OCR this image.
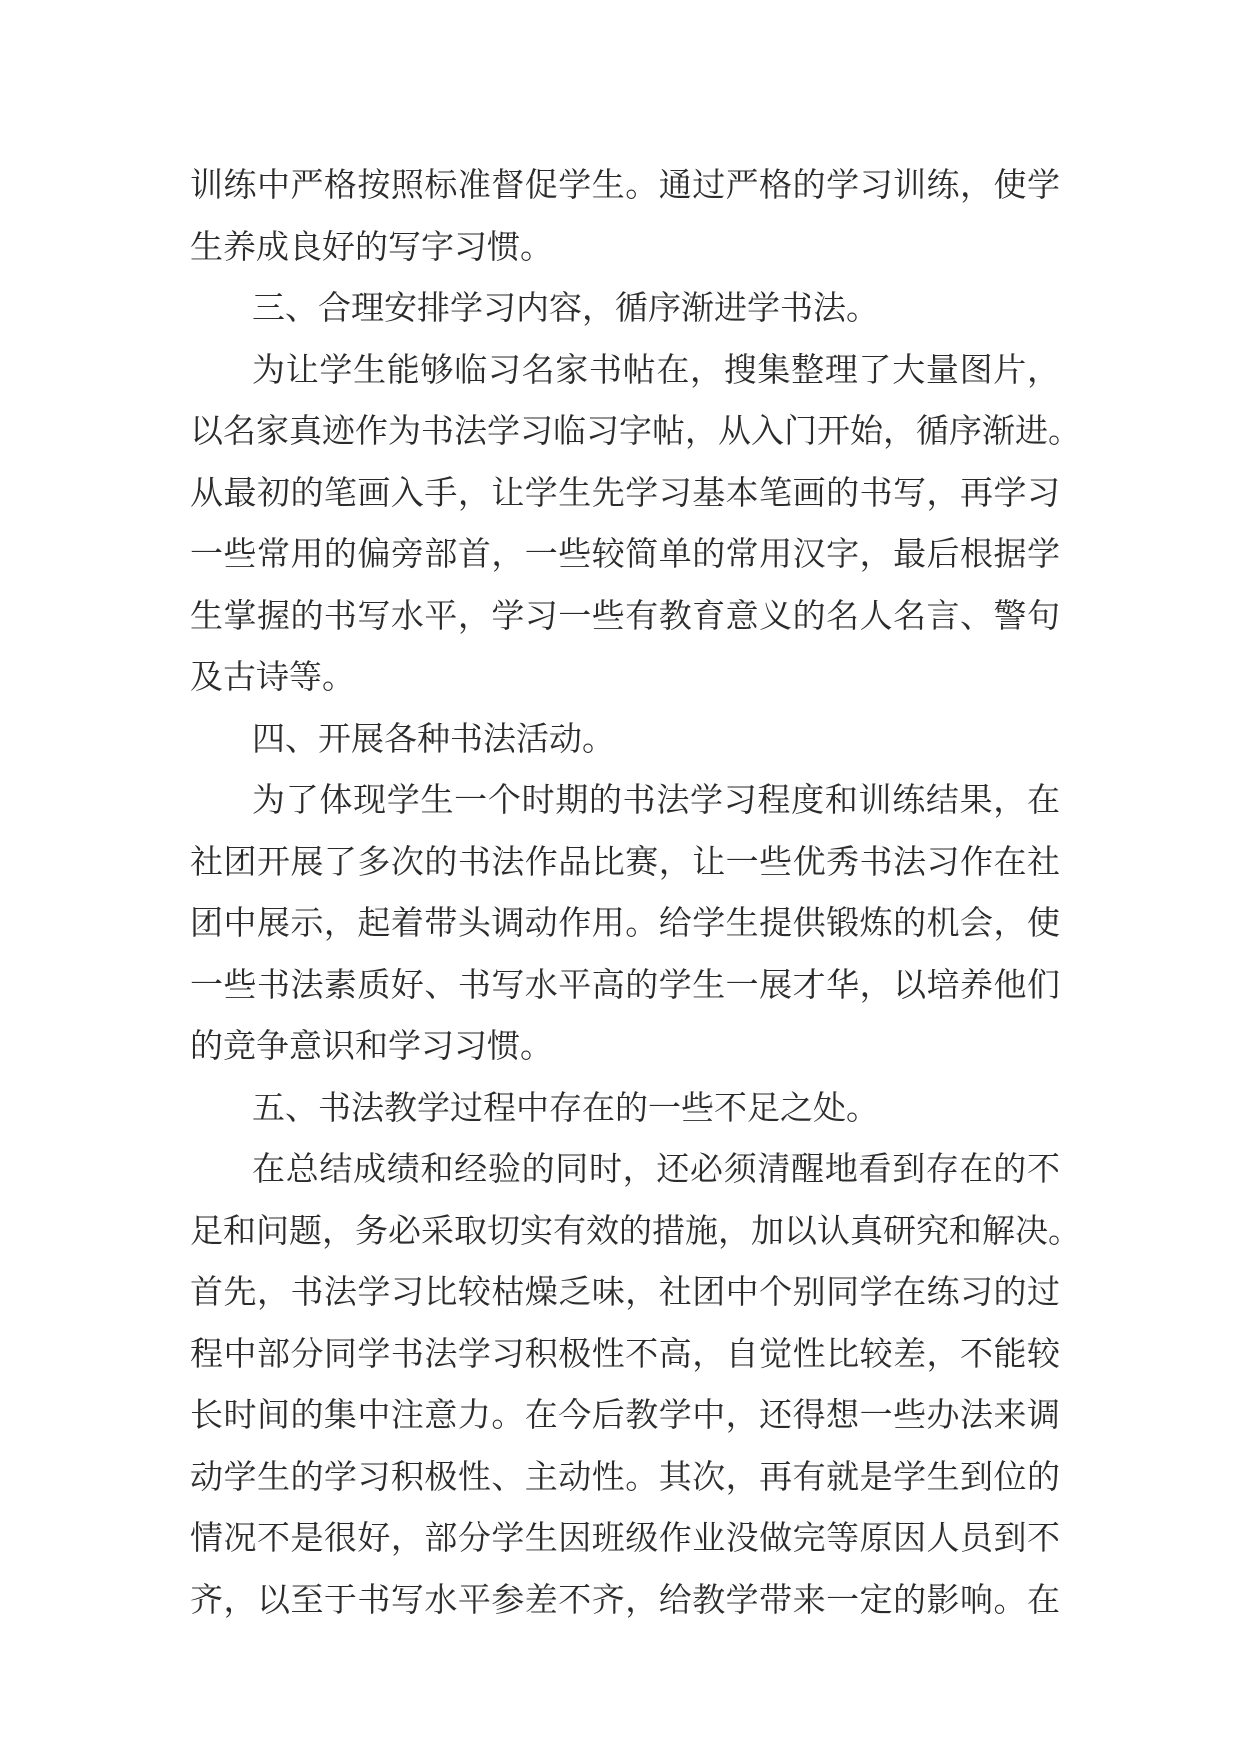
训练中严格按照标准督促学生。通过严格的学习训练，使学
生养成良好的写字习惯。
三、合理安排学习内容，循序渐进学书法。
为让学生能够临习名家书帖在，搜集整理了大量图片，
以名家真迹作为书法学习临习字帖，从入门开始，循序渐进。
从最初的笔画入手，让学生先学习基本笔画的书写，再学习
一些常用的偏旁部首，一些较简单的常用汉字，最后根据学
生掌握的书写水平，学习一些有教育意义的名人名言、警句
及古诗等。
四、开展各种书法活动。
为了体现学生一个时期的书法学习程度和训练结果，在
社团开展了多次的书法作品比赛，让一些优秀书法习作在社
团中展示，起着带头调动作用。给学生提供锻炼的机会，使
一些书法素质好、书写水平高的学生一展才华，以培养他们
的竞争意识和学习习惯。
五、书法教学过程中存在的一些不足之处。
在总结成绩和经验的同时，还必须清醒地看到存在的不
足和问题，务必采取切实有效的措施，加以认真研究和解决。
首先，书法学习比较枯燥乏味，社团中个别同学在练习的过
程中部分同学书法学习积极性不高，自觉性比较差，不能较
长时间的集中注意力。在今后教学中，还得想一些办法来调
动学生的学习积极性、主动性。其次，再有就是学生到位的
情况不是很好，部分学生因班级作业没做完等原因人员到不
齐，以至于书写水平参差不齐，给教学带来一定的影响。在
